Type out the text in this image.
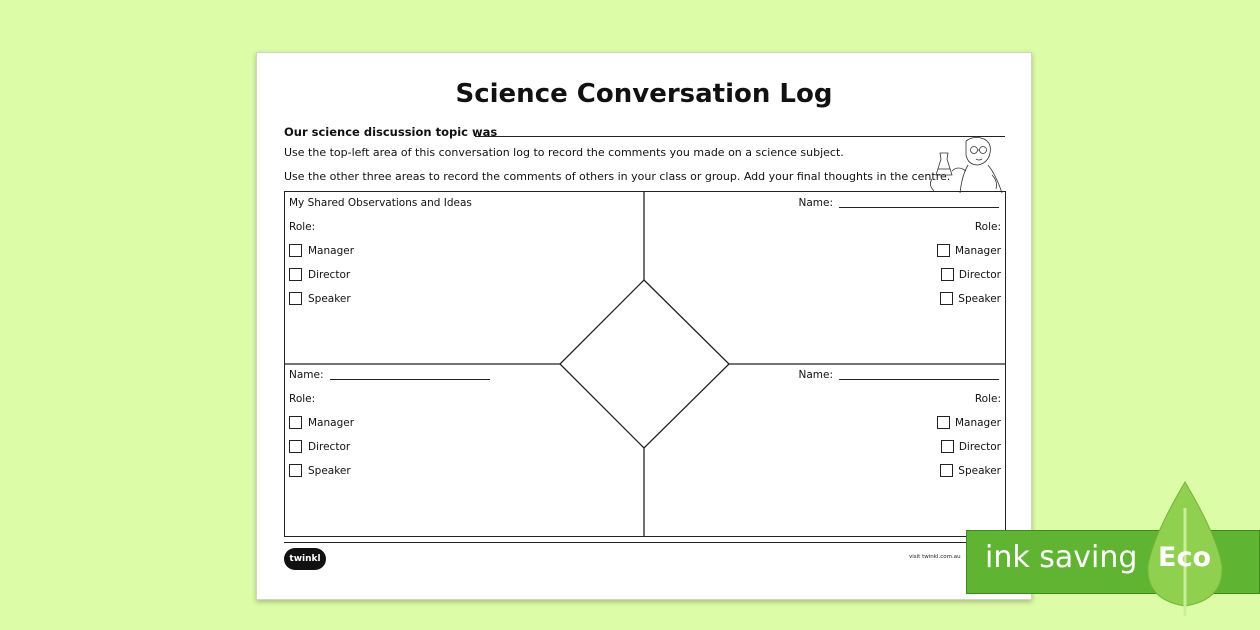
Science Conversation Log
Our science discussion topic was
Use the top-left area of this conversation log to record the comments you made on a science subject.
Use the other three areas to record the comments of others in your class or group. Add your final thoughts in the centre.
My Shared Observations and Ideas
Role:
Manager
Director
Speaker
Name:
Role:
Manager
Director
Speaker
Name:
Role:
Manager
Director
Speaker
Name:
Role:
Manager
Director
Speaker
twinkl	visit twinkl.com.au ink saving Eco
